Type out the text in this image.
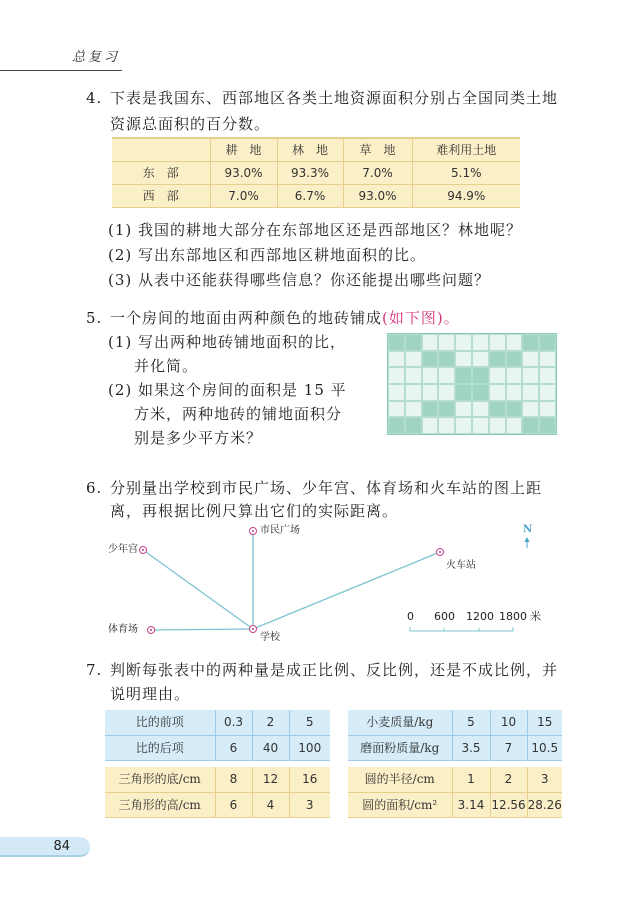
总复习
4. 下表是我国东、西部地区各类土地资源面积分别占全国同类土地
资源总面积的百分数。
	耕　地	林　地	草　地	难利用土地
东　部	93.0%	93.3%	7.0%	5.1%
西　部	7.0%	6.7%	93.0%	94.9%
(1) 我国的耕地大部分在东部地区还是西部地区？林地呢？
(2) 写出东部地区和西部地区耕地面积的比。
(3) 从表中还能获得哪些信息？你还能提出哪些问题？
5. 一个房间的地面由两种颜色的地砖铺成(如下图)。
(1) 写出两种地砖铺地面积的比，
并化简。
(2) 如果这个房间的面积是 15 平
方米，两种地砖的铺地面积分
别是多少平方米？
6. 分别量出学校到市民广场、少年宫、体育场和火车站的图上距
离，再根据比例尺算出它们的实际距离。
市民广场
少年宫
火车站
体育场
学校
N
0 600 1200 1800 米
7. 判断每张表中的两种量是成正比例、反比例，还是不成比例，并
说明理由。
比的前项	0.3	2	5
比的后项	6	40	100
小麦质量/kg	5	10	15
磨面粉质量/kg	3.5	7	10.5
三角形的底/cm	8	12	16
三角形的高/cm	6	4	3
圆的半径/cm	1	2	3
圆的面积/cm²	3.14	12.56	28.26
84
